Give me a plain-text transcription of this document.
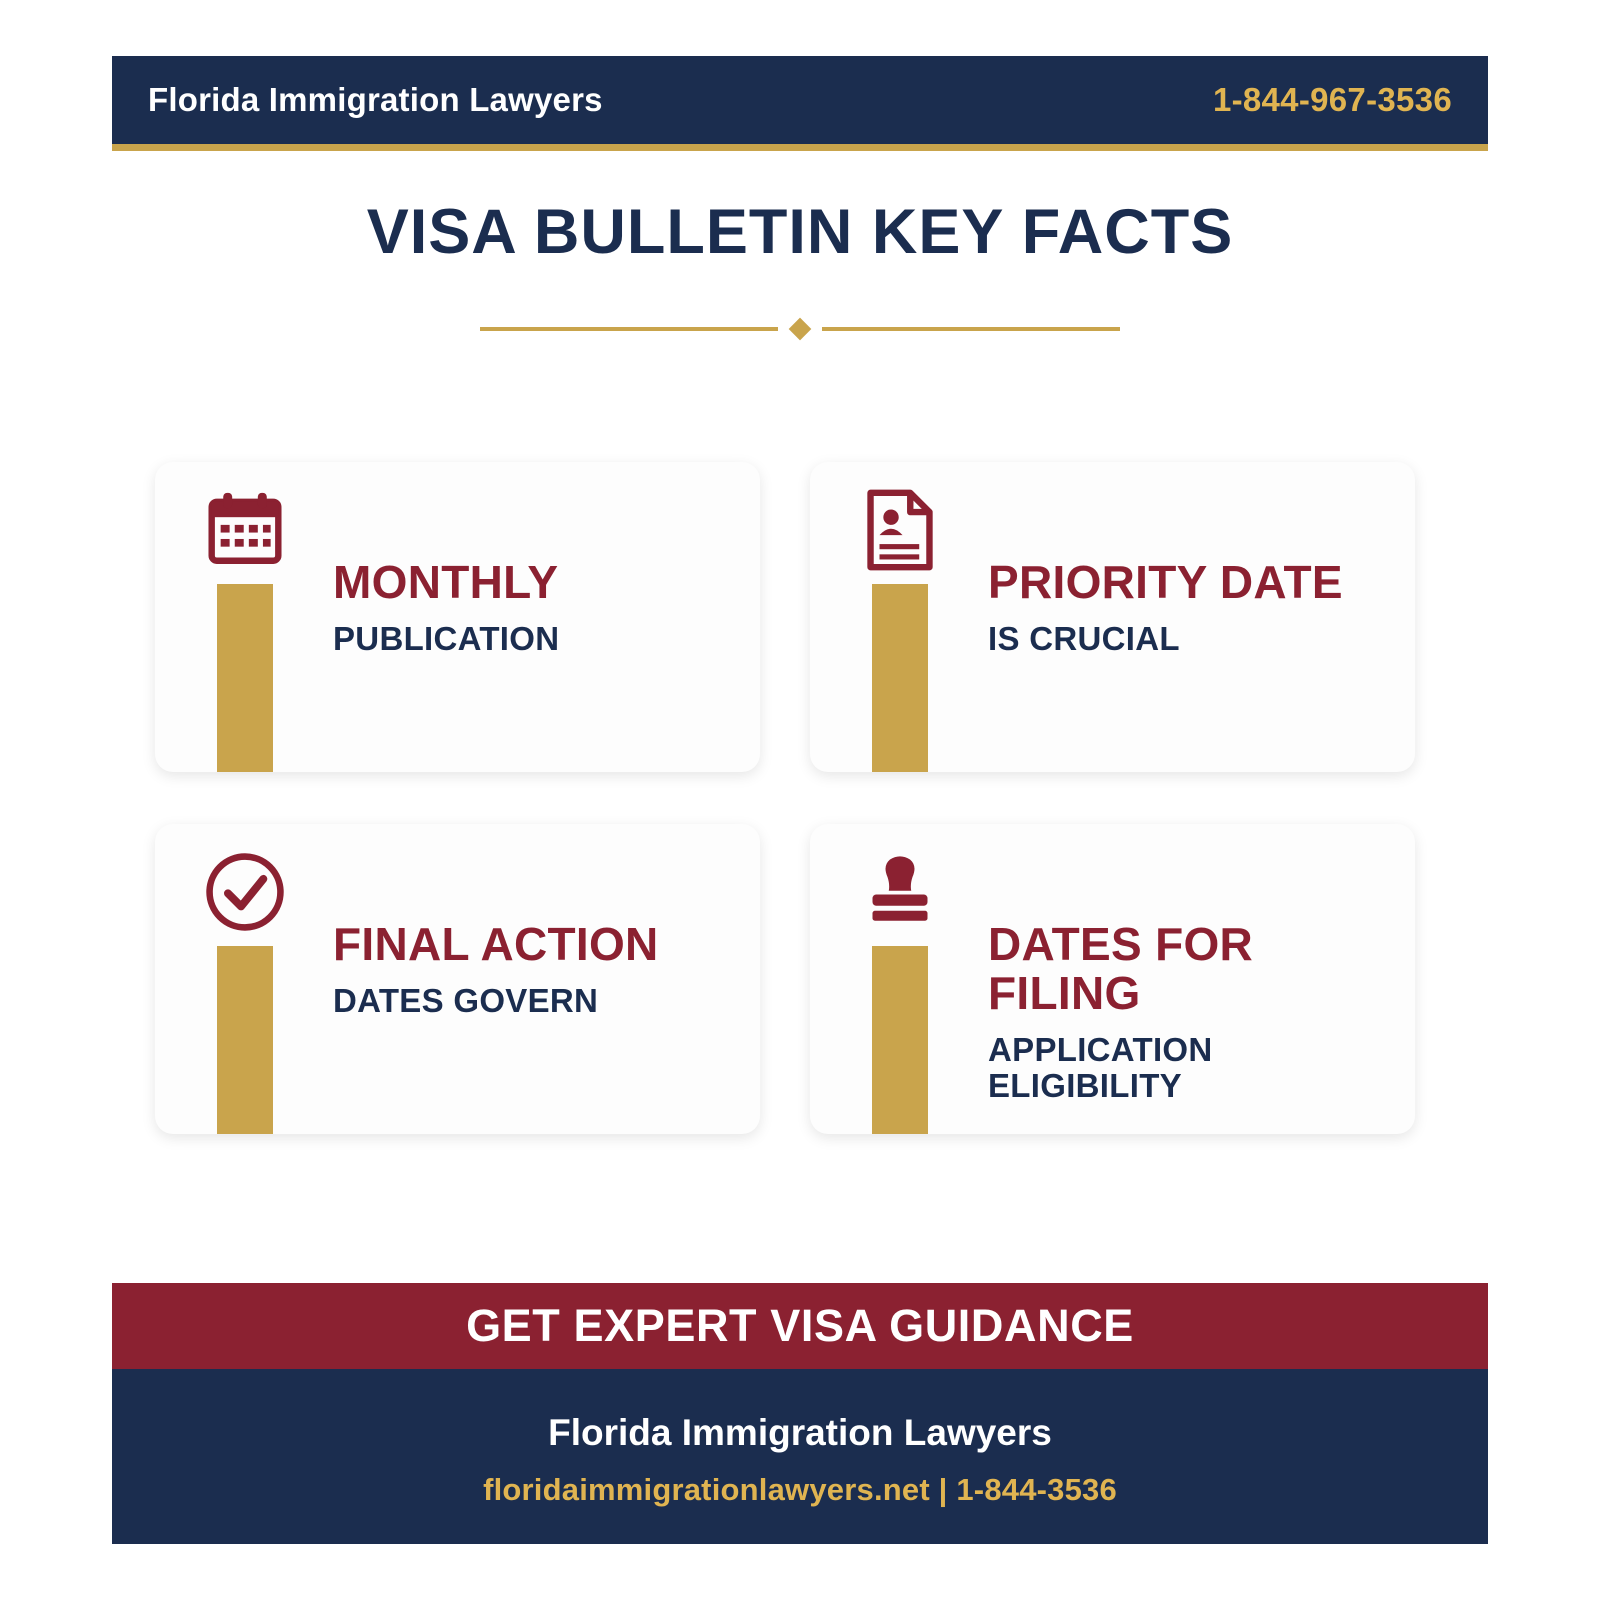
Florida Immigration Lawyers	1-844-967-3536
VISA BULLETIN KEY FACTS
MONTHLY
PUBLICATION
PRIORITY DATE
IS CRUCIAL
FINAL ACTION
DATES GOVERN
DATES FOR FILING
APPLICATION ELIGIBILITY
GET EXPERT VISA GUIDANCE
Florida Immigration Lawyers
floridaimmigrationlawyers.net | 1-844-3536
